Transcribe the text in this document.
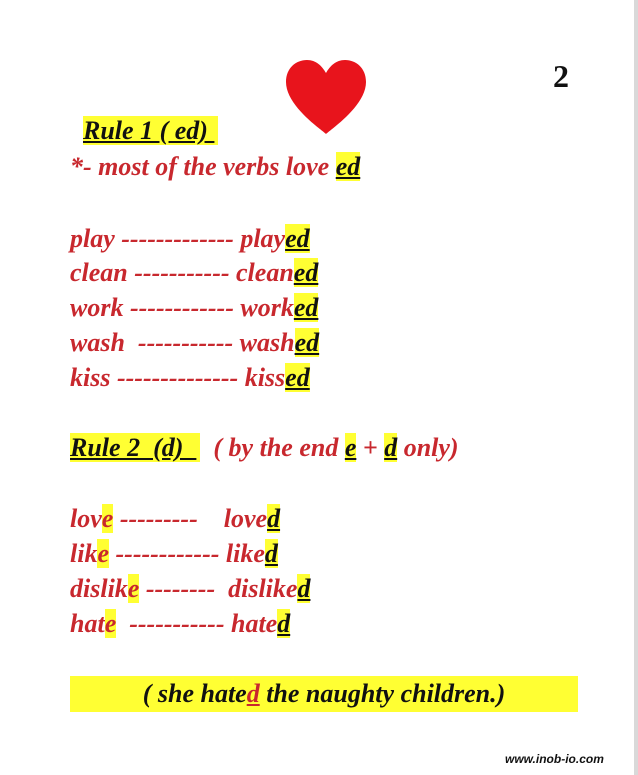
2

Rule 1 ( ed)

*- most of the verbs love ed
play ------------- played
clean ----------- cleaned
work ------------ worked
wash  ----------- washed
kiss -------------- kissed
Rule 2  (d)    ( by the end e + d only)
love ---------    loved
like ------------ liked
dislike --------  disliked
hate  ----------- hated
( she hated the naughty children.)
www.inob-io.com
